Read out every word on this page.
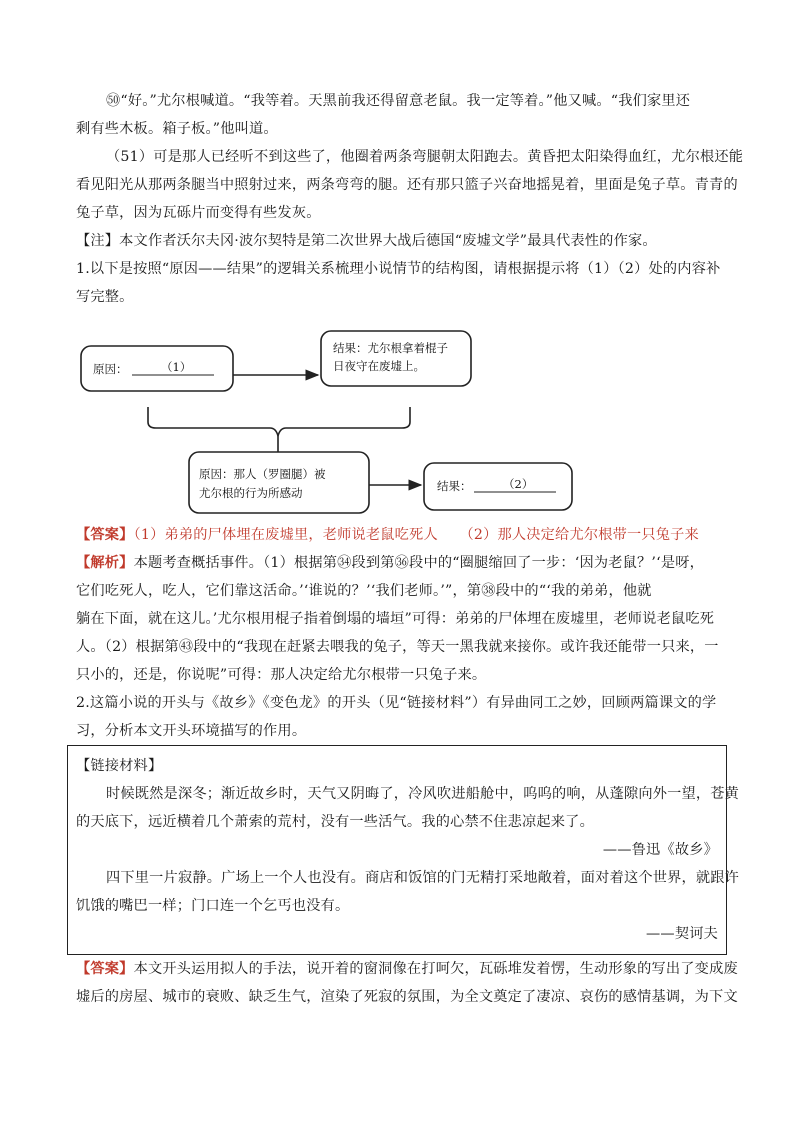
㊿“好。”尤尔根喊道。“我等着。天黑前我还得留意老鼠。我一定等着。”他又喊。“我们家里还
剩有些木板。箱子板。”他叫道。
（51）可是那人已经听不到这些了，他圈着两条弯腿朝太阳跑去。黄昏把太阳染得血红，尤尔根还能
看见阳光从那两条腿当中照射过来，两条弯弯的腿。还有那只篮子兴奋地摇晃着，里面是兔子草。青青的
兔子草，因为瓦砾片而变得有些发灰。
【注】本文作者沃尔夫冈·波尔契特是第二次世界大战后德国“废墟文学”最具代表性的作家。
1.以下是按照“原因——结果”的逻辑关系梳理小说情节的结构图，请根据提示将（1）（2）处的内容补
写完整。
原因：	（1）
结果：尤尔根拿着棍子
日夜守在废墟上。
原因：那人（罗圈腿）被
尤尔根的行为所感动	结果：	（2）
【答案】（1）弟弟的尸体埋在废墟里，老师说老鼠吃死人　　（2）那人决定给尤尔根带一只兔子来
【解析】本题考查概括事件。（1）根据第㉞段到第㊱段中的“圈腿缩回了一步：‘因为老鼠？’‘是呀，
它们吃死人，吃人，它们靠这活命。’‘谁说的？’‘我们老师。’”，第㊳段中的“‘我的弟弟，他就
躺在下面，就在这儿。’尤尔根用棍子指着倒塌的墙垣”可得：弟弟的尸体埋在废墟里，老师说老鼠吃死
人。（2）根据第㊸段中的“我现在赶紧去喂我的兔子，等天一黑我就来接你。或许我还能带一只来，一
只小的，还是，你说呢”可得：那人决定给尤尔根带一只兔子来。
2.这篇小说的开头与《故乡》《变色龙》的开头（见“链接材料”）有异曲同工之妙，回顾两篇课文的学
习，分析本文开头环境描写的作用。
【链接材料】
时候既然是深冬；渐近故乡时，天气又阴晦了，冷风吹进船舱中，呜呜的响，从蓬隙向外一望，苍黄
的天底下，远近横着几个萧索的荒村，没有一些活气。我的心禁不住悲凉起来了。
——鲁迅《故乡》
四下里一片寂静。广场上一个人也没有。商店和饭馆的门无精打采地敞着，面对着这个世界，就跟许
饥饿的嘴巴一样；门口连一个乞丐也没有。
——契诃夫
【答案】本文开头运用拟人的手法，说开着的窗洞像在打呵欠，瓦砾堆发着愣，生动形象的写出了变成废
墟后的房屋、城市的衰败、缺乏生气，渲染了死寂的氛围，为全文奠定了凄凉、哀伤的感情基调，为下文
